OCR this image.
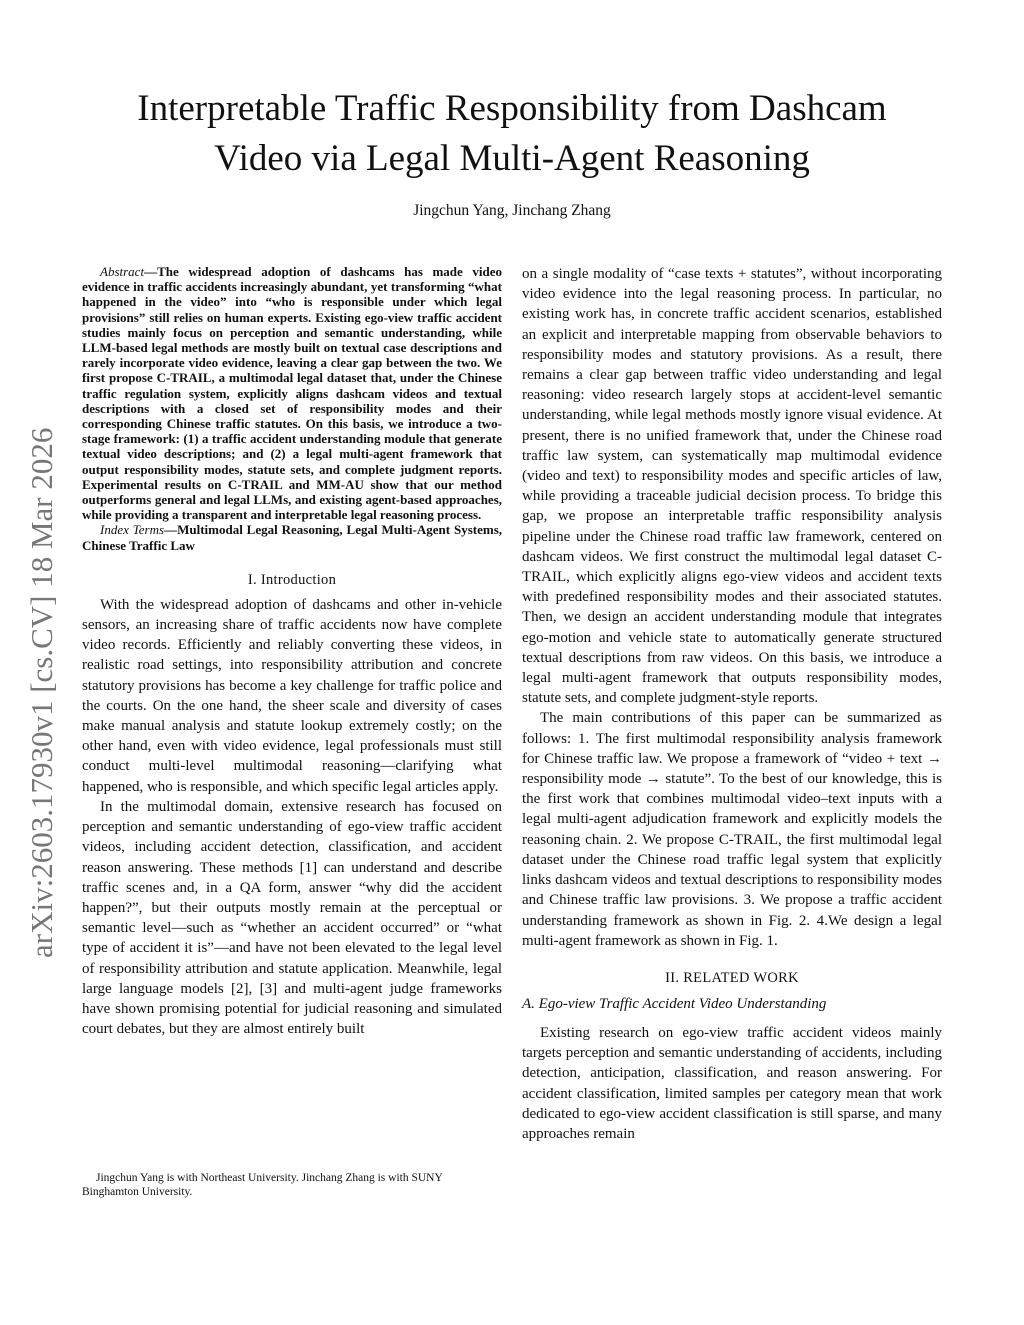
arXiv:2603.17930v1 [cs.CV] 18 Mar 2026
Interpretable Traffic Responsibility from Dashcam
Video via Legal Multi-Agent Reasoning
Jingchun Yang, Jinchang Zhang

Abstract—The widespread adoption of dashcams has made video evidence in traffic accidents increasingly abundant, yet transforming “what happened in the video” into “who is responsible under which legal provisions” still relies on human experts. Existing ego-view traffic accident studies mainly focus on perception and semantic understanding, while LLM-based legal methods are mostly built on textual case descriptions and rarely incorporate video evidence, leaving a clear gap between the two. We first propose C-TRAIL, a multimodal legal dataset that, under the Chinese traffic regulation system, explicitly aligns dashcam videos and textual descriptions with a closed set of responsibility modes and their corresponding Chinese traffic statutes. On this basis, we introduce a two-stage framework: (1) a traffic accident understanding module that generate textual video descriptions; and (2) a legal multi-agent framework that output responsibility modes, statute sets, and complete judgment reports. Experimental results on C-TRAIL and MM-AU show that our method outperforms general and legal LLMs, and existing agent-based approaches, while providing a transparent and interpretable legal reasoning process.

Index Terms—Multimodal Legal Reasoning, Legal Multi-Agent Systems, Chinese Traffic Law

I. Introduction

With the widespread adoption of dashcams and other in-vehicle sensors, an increasing share of traffic accidents now have complete video records. Efficiently and reliably converting these videos, in realistic road settings, into responsibility attribution and concrete statutory provisions has become a key challenge for traffic police and the courts. On the one hand, the sheer scale and diversity of cases make manual analysis and statute lookup extremely costly; on the other hand, even with video evidence, legal professionals must still conduct multi-level multimodal reasoning—clarifying what happened, who is responsible, and which specific legal articles apply.

In the multimodal domain, extensive research has focused on perception and semantic understanding of ego-view traffic accident videos, including accident detection, classification, and accident reason answering. These methods [1] can understand and describe traffic scenes and, in a QA form, answer “why did the accident happen?”, but their outputs mostly remain at the perceptual or semantic level—such as “whether an accident occurred” or “what type of accident it is”—and have not been elevated to the legal level of responsibility attribution and statute application. Meanwhile, legal large language models [2], [3] and multi-agent judge frameworks have shown promising potential for judicial reasoning and simulated court debates, but they are almost entirely built

on a single modality of “case texts + statutes”, without incorporating video evidence into the legal reasoning process. In particular, no existing work has, in concrete traffic accident scenarios, established an explicit and interpretable mapping from observable behaviors to responsibility modes and statutory provisions. As a result, there remains a clear gap between traffic video understanding and legal reasoning: video research largely stops at accident-level semantic understanding, while legal methods mostly ignore visual evidence. At present, there is no unified framework that, under the Chinese road traffic law system, can systematically map multimodal evidence (video and text) to responsibility modes and specific articles of law, while providing a traceable judicial decision process. To bridge this gap, we propose an interpretable traffic responsibility analysis pipeline under the Chinese road traffic law framework, centered on dashcam videos. We first construct the multimodal legal dataset C-TRAIL, which explicitly aligns ego-view videos and accident texts with predefined responsibility modes and their associated statutes. Then, we design an accident understanding module that integrates ego-motion and vehicle state to automatically generate structured textual descriptions from raw videos. On this basis, we introduce a legal multi-agent framework that outputs responsibility modes, statute sets, and complete judgment-style reports.

The main contributions of this paper can be summarized as follows: 1. The first multimodal responsibility analysis framework for Chinese traffic law. We propose a framework of “video + text → responsibility mode → statute”. To the best of our knowledge, this is the first work that combines multimodal video–text inputs with a legal multi-agent adjudication framework and explicitly models the reasoning chain. 2. We propose C-TRAIL, the first multimodal legal dataset under the Chinese road traffic legal system that explicitly links dashcam videos and textual descriptions to responsibility modes and Chinese traffic law provisions. 3. We propose a traffic accident understanding framework as shown in Fig. 2. 4.We design a legal multi-agent framework as shown in Fig. 1.

II. RELATED WORK
A. Ego-view Traffic Accident Video Understanding

Existing research on ego-view traffic accident videos mainly targets perception and semantic understanding of accidents, including detection, anticipation, classification, and reason answering. For accident classification, limited samples per category mean that work dedicated to ego-view accident classification is still sparse, and many approaches remain

Jingchun Yang is with Northeast University. Jinchang Zhang is with SUNY Binghamton University.
